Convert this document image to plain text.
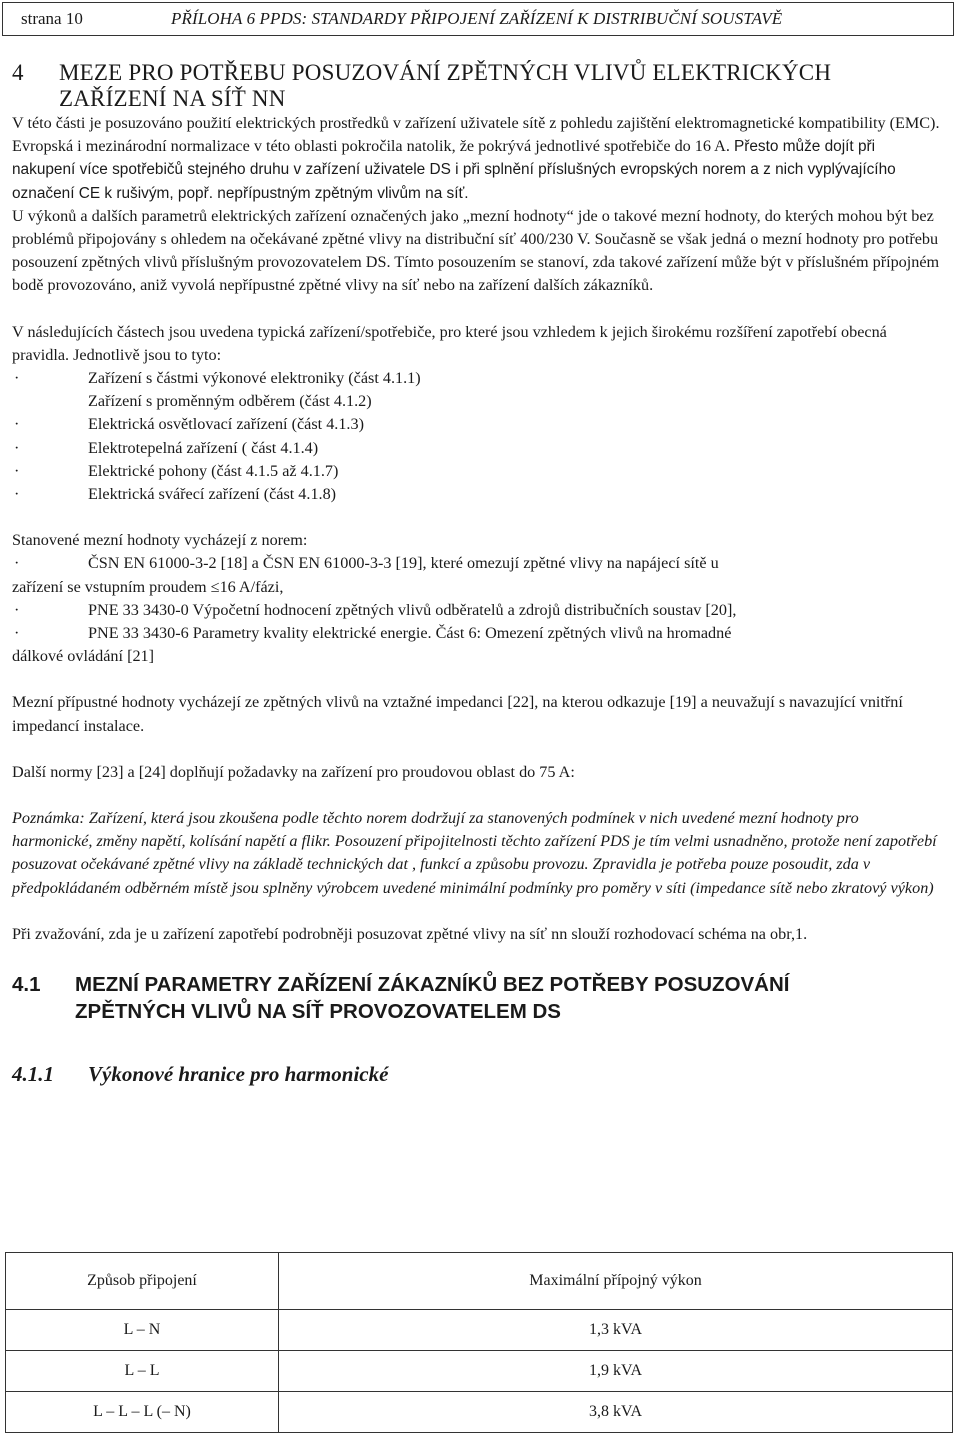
strana 10	PŘÍLOHA 6 PPDS: STANDARDY PŘIPOJENÍ ZAŘÍZENÍ K DISTRIBUČNÍ SOUSTAVĚ
4 MEZE PRO POTŘEBU POSUZOVÁNÍ ZPĚTNÝCH VLIVŮ ELEKTRICKÝCH
ZAŘÍZENÍ NA SÍŤ NN

V této části je posuzováno použití elektrických prostředků v zařízení uživatele sítě z pohledu zajištění elektromagnetické kompatibility (EMC). Evropská i mezinárodní normalizace v této oblasti pokročila natolik, že pokrývá jednotlivé spotřebiče do 16 A. Přesto může dojít při nakupení více spotřebičů stejného druhu v zařízení uživatele DS i při splnění příslušných evropských norem a z nich vyplývajícího označení CE k rušivým, popř. nepřípustným zpětným vlivům na síť.

U výkonů a dalších parametrů elektrických zařízení označených jako „mezní hodnoty“ jde o takové mezní hodnoty, do kterých mohou být bez problémů připojovány s ohledem na očekávané zpětné vlivy na distribuční síť 400/230 V. Současně se však jedná o mezní hodnoty pro potřebu posouzení zpětných vlivů příslušným provozovatelem DS. Tímto posouzením se stanoví, zda takové zařízení může být v příslušném přípojném bodě provozováno, aniž vyvolá nepřípustné zpětné vlivy na síť nebo na zařízení dalších zákazníků.

V následujících částech jsou uvedena typická zařízení/spotřebiče, pro které jsou vzhledem k jejich širokému rozšíření zapotřebí obecná pravidla. Jednotlivě jsou to tyto:

·	Zařízení s částmi výkonové elektroniky (část 4.1.1)
Zařízení s proměnným odběrem (část 4.1.2)
·	Elektrická osvětlovací zařízení (část 4.1.3)
·	Elektrotepelná zařízení ( část 4.1.4)
·	Elektrické pohony (část 4.1.5 až 4.1.7)
·	Elektrická svářecí zařízení (část 4.1.8)

Stanovené mezní hodnoty vycházejí z norem:

·	ČSN EN 61000-3-2 [18] a ČSN EN 61000-3-3 [19], které omezují zpětné vlivy na napájecí sítě u

zařízení se vstupním proudem ≤16 A/fázi,

·	PNE 33 3430-0 Výpočetní hodnocení zpětných vlivů odběratelů a zdrojů distribučních soustav [20],
·	PNE 33 3430-6 Parametry kvality elektrické energie. Část 6: Omezení zpětných vlivů na hromadné

dálkové ovládání [21]

Mezní přípustné hodnoty vycházejí ze zpětných vlivů na vztažné impedanci [22], na kterou odkazuje [19] a neuvažují s navazující vnitřní impedancí instalace.

Další normy [23] a [24] doplňují požadavky na zařízení pro proudovou oblast do 75 A:

Poznámka: Zařízení, která jsou zkoušena podle těchto norem dodržují za stanovených podmínek v nich uvedené mezní hodnoty pro harmonické, změny napětí, kolísání napětí a flikr. Posouzení připojitelnosti těchto zařízení PDS je tím velmi usnadněno, protože není zapotřebí posuzovat očekávané zpětné vlivy na základě technických dat , funkcí a způsobu provozu. Zpravidla je potřeba pouze posoudit, zda v předpokládaném odběrném místě jsou splněny výrobcem uvedené minimální podmínky pro poměry v síti (impedance sítě nebo zkratový výkon)

Při zvažování, zda je u zařízení zapotřebí podrobněji posuzovat zpětné vlivy na síť nn slouží rozhodovací schéma na obr,1.

4.1 MEZNÍ PARAMETRY ZAŘÍZENÍ ZÁKAZNÍKŮ BEZ POTŘEBY POSUZOVÁNÍ
ZPĚTNÝCH VLIVŮ NA SÍŤ PROVOZOVATELEM DS
4.1.1 Výkonové hranice pro harmonické
Způsob připojení	Maximální přípojný výkon
L – N	1,3 kVA
L – L	1,9 kVA
L – L – L (– N)	3,8 kVA
